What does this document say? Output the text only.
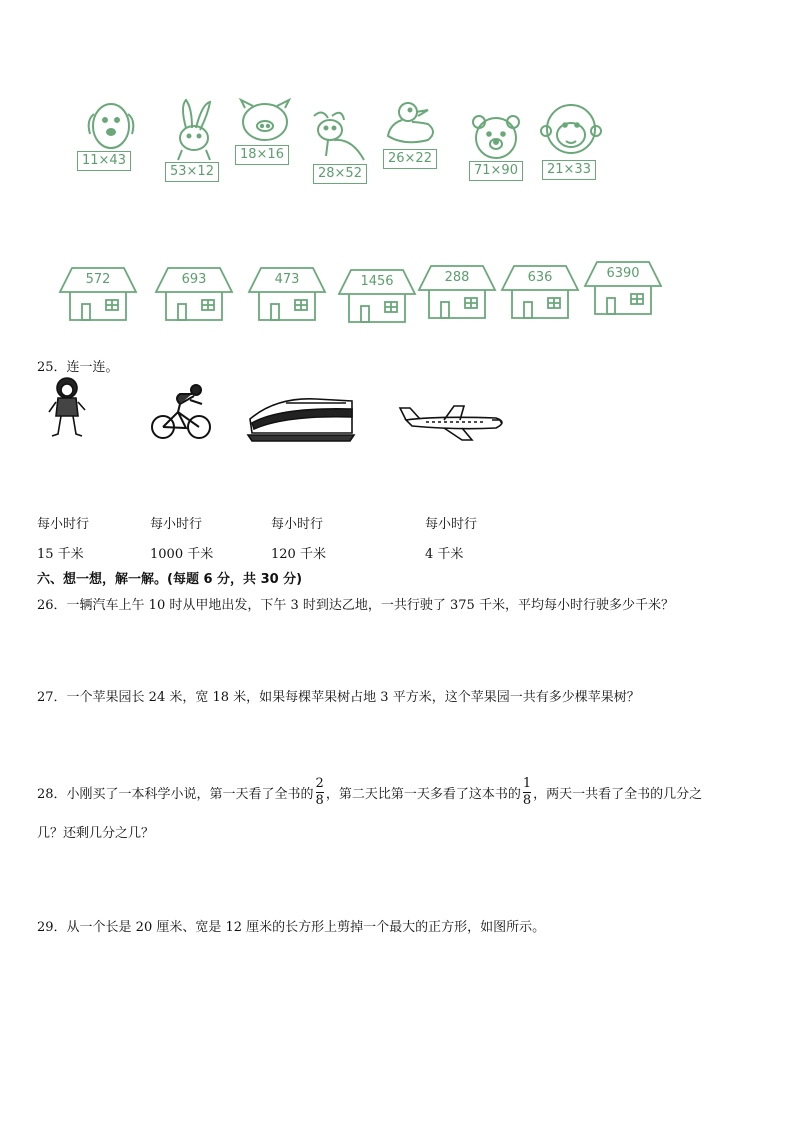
11×43
53×12
18×16
28×52
26×22
71×90	21×33
572	693	473	1456	288	636	6390
25．连一连。
每小时行	每小时行	每小时行	每小时行
15 千米	1000 千米	120 千米	4 千米
六、想一想，解一解。(每题 6 分，共 30 分)
26．一辆汽车上午 10 时从甲地出发，下午 3 时到达乙地，一共行驶了 375 千米，平均每小时行驶多少千米？
27．一个苹果园长 24 米，宽 18 米，如果每棵苹果树占地 3 平方米，这个苹果园一共有多少棵苹果树？
28．小刚买了一本科学小说，第一天看了全书的 $\frac{2}{8}$ ，第二天比第一天多看了这本书的 $\frac{1}{8}$ ，两天一共看了全书的几分之
几？还剩几分之几？
29．从一个长是 20 厘米、宽是 12 厘米的长方形上剪掉一个最大的正方形，如图所示。
